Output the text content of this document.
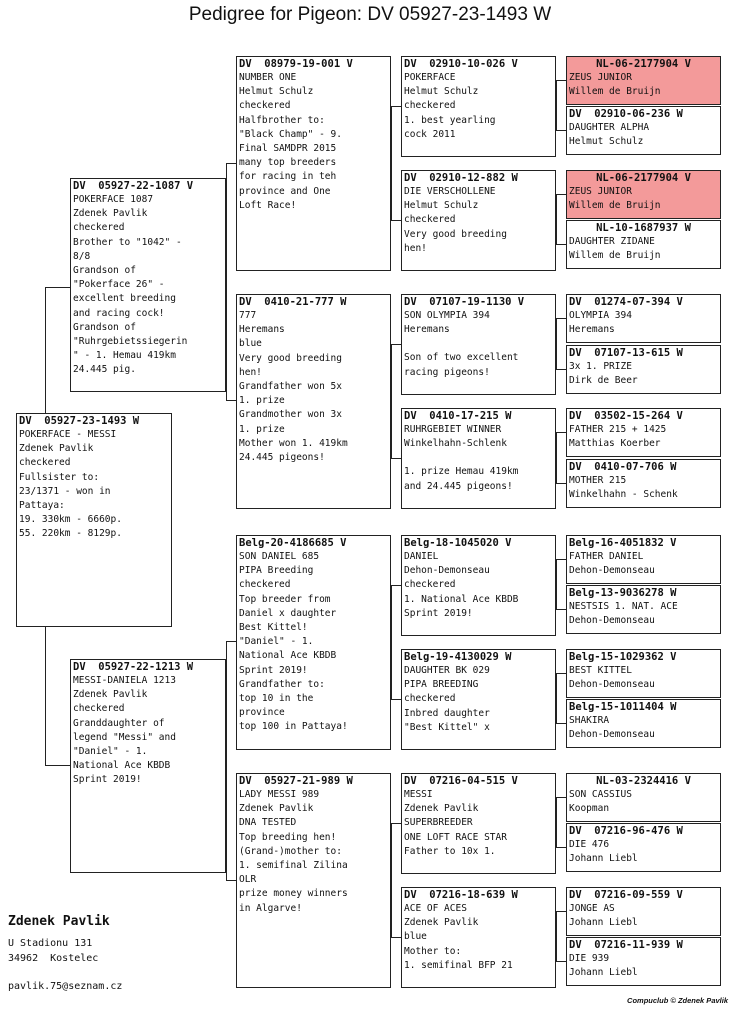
Pedigree for Pigeon: DV 05927-23-1493 W
DV  05927-23-1493 W
POKERFACE - MESSI
Zdenek Pavlik
checkered
Fullsister to:
23/1371 - won in
Pattaya:
19. 330km - 6660p.
55. 220km - 8129p.
DV  05927-22-1087 V
POKERFACE 1087
Zdenek Pavlik
checkered
Brother to "1042" -
8/8
Grandson of
"Pokerface 26" -
excellent breeding
and racing cock!
Grandson of
"Ruhrgebietssiegerin
" - 1. Hemau 419km
24.445 pig.
DV  05927-22-1213 W
MESSI-DANIELA 1213
Zdenek Pavlik
checkered
Granddaughter of
legend "Messi" and
"Daniel" - 1.
National Ace KBDB
Sprint 2019!
DV  08979-19-001 V
NUMBER ONE
Helmut Schulz
checkered
Halfbrother to:
"Black Champ" - 9.
Final SAMDPR 2015
many top breeders
for racing in teh
province and One
Loft Race!
DV  0410-21-777 W
777
Heremans
blue
Very good breeding
hen!
Grandfather won 5x
1. prize
Grandmother won 3x
1. prize
Mother won 1. 419km
24.445 pigeons!
Belg-20-4186685 V
SON DANIEL 685
PIPA Breeding
checkered
Top breeder from
Daniel x daughter
Best Kittel!
"Daniel" - 1.
National Ace KBDB
Sprint 2019!
Grandfather to:
top 10 in the
province
top 100 in Pattaya!
DV  05927-21-989 W
LADY MESSI 989
Zdenek Pavlik
DNA TESTED
Top breeding hen!
(Grand-)mother to:
1. semifinal Zilina
OLR
prize money winners
in Algarve!
DV  02910-10-026 V
POKERFACE
Helmut Schulz
checkered
1. best yearling
cock 2011
DV  02910-12-882 W
DIE VERSCHOLLENE
Helmut Schulz
checkered
Very good breeding
hen!
DV  07107-19-1130 V
SON OLYMPIA 394
Heremans
Son of two excellent
racing pigeons!
DV  0410-17-215 W
RUHRGEBIET WINNER
Winkelhahn-Schlenk
1. prize Hemau 419km
and 24.445 pigeons!
Belg-18-1045020 V
DANIEL
Dehon-Demonseau
checkered
1. National Ace KBDB
Sprint 2019!
Belg-19-4130029 W
DAUGHTER BK 029
PIPA BREEDING
checkered
Inbred daughter
"Best Kittel" x
DV  07216-04-515 V
MESSI
Zdenek Pavlik
SUPERBREEDER
ONE LOFT RACE STAR
Father to 10x 1.
DV  07216-18-639 W
ACE OF ACES
Zdenek Pavlik
blue
Mother to:
1. semifinal BFP 21
NL-06-2177904 V
ZEUS JUNIOR
Willem de Bruijn
DV  02910-06-236 W
DAUGHTER ALPHA
Helmut Schulz
NL-06-2177904 V
ZEUS JUNIOR
Willem de Bruijn
NL-10-1687937 W
DAUGHTER ZIDANE
Willem de Bruijn
DV  01274-07-394 V
OLYMPIA 394
Heremans
DV  07107-13-615 W
3x 1. PRIZE
Dirk de Beer
DV  03502-15-264 V
FATHER 215 + 1425
Matthias Koerber
DV  0410-07-706 W
MOTHER 215
Winkelhahn - Schenk
Belg-16-4051832 V
FATHER DANIEL
Dehon-Demonseau
Belg-13-9036278 W
NESTSIS 1. NAT. ACE
Dehon-Demonseau
Belg-15-1029362 V
BEST KITTEL
Dehon-Demonseau
Belg-15-1011404 W
SHAKIRA
Dehon-Demonseau
NL-03-2324416 V
SON CASSIUS
Koopman
DV  07216-96-476 W
DIE 476
Johann Liebl
DV  07216-09-559 V
JONGE AS
Johann Liebl
DV  07216-11-939 W
DIE 939
Johann Liebl
Zdenek Pavlik
U Stadionu 131
34962  Kostelec
pavlik.75@seznam.cz
Compuclub © Zdenek Pavlik
